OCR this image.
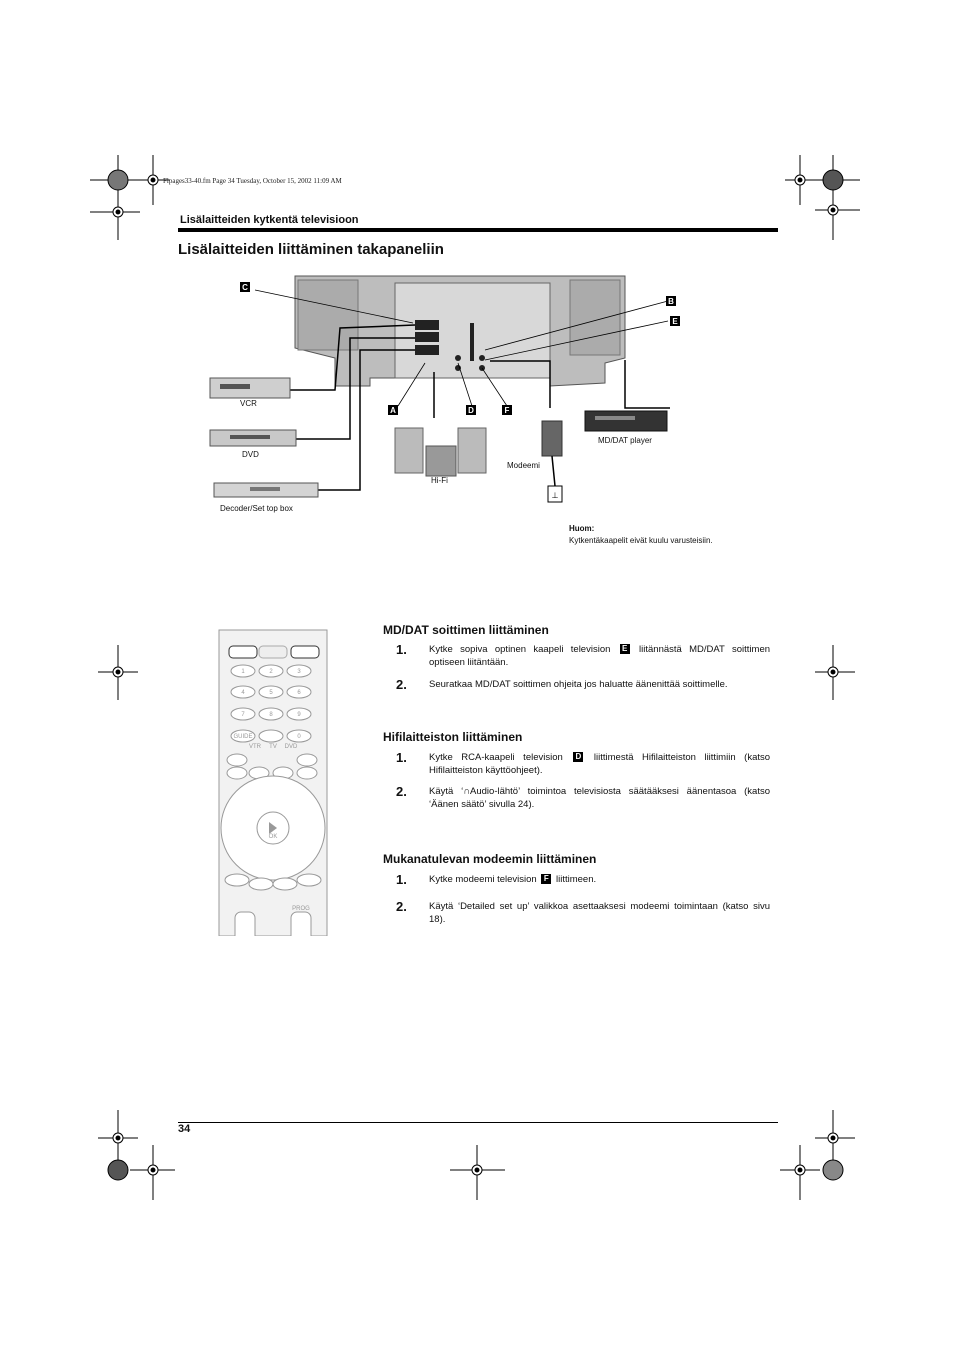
Flpages33-40.fm Page 34 Tuesday, October 15, 2002 11:09 AM
Lisälaitteiden kytkentä televisioon
Lisälaitteiden liittäminen takapaneliin
C
B
E
A	D	F
⊥
VCR
DVD
Decoder/Set top box
Hi-Fi
Modeemi
MD/DAT player
Huom:
Kytkentäkaapelit eivät kuulu varusteisiin.
1	2	3
4	5	6
7	8	9
0
GUIDE
VTR TV DVD
OK
PROG
MD/DAT soittimen liittäminen
1. Kytke sopiva optinen kaapeli television E liitännästä MD/DAT soittimen optiseen liitäntään.
2. Seuratkaa MD/DAT soittimen ohjeita jos haluatte äänenittää soittimelle.
Hifilaitteiston liittäminen
1. Kytke RCA-kaapeli television D liittimestä Hifilaitteiston liittimiin (katso Hifilaitteiston käyttöohjeet).
2. Käytä ‘∩Audio-lähtö’ toimintoa televisiosta säätääksesi äänentasoa (katso ‘Äänen säätö’ sivulla 24).
Mukanatulevan modeemin liittäminen
1. Kytke modeemi television F liittimeen.
2. Käytä ‘Detailed set up’ valikkoa asettaaksesi modeemi toimintaan (katso sivu 18).
34
